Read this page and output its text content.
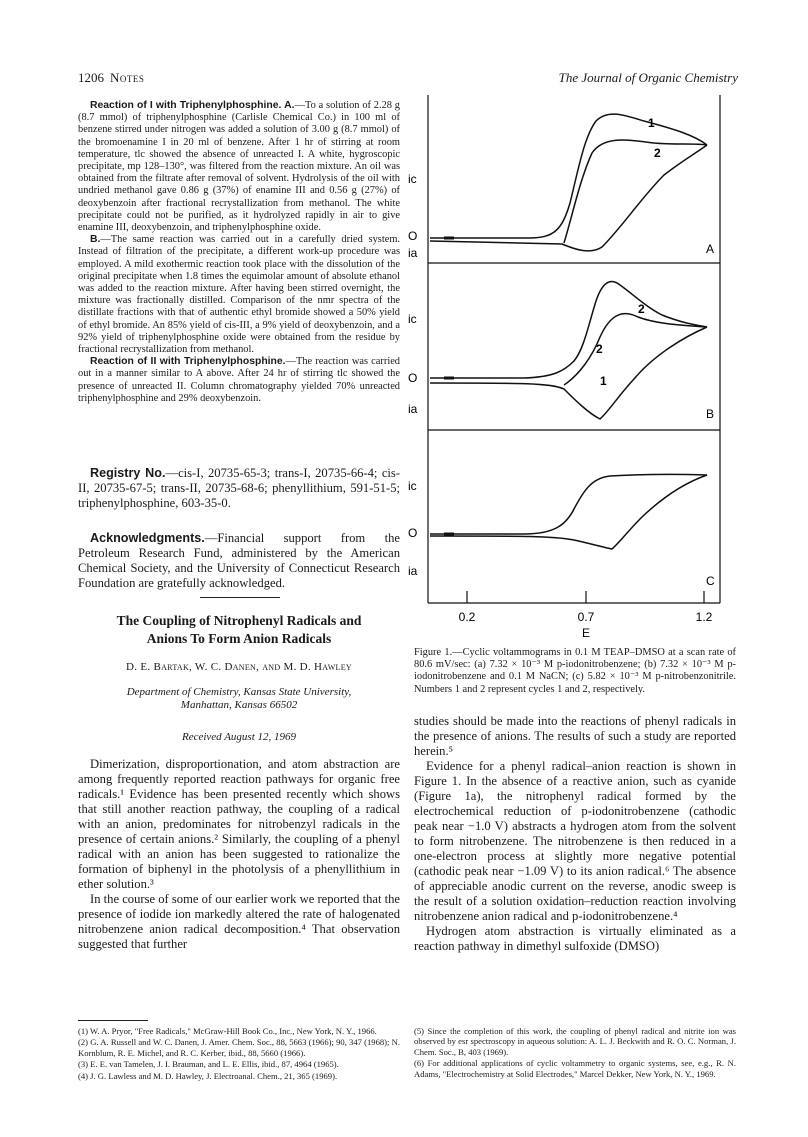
1206 Notes	The Journal of Organic Chemistry

Reaction of I with Triphenylphosphine. A.—To a solution of 2.28 g (8.7 mmol) of triphenylphosphine (Carlisle Chemical Co.) in 100 ml of benzene stirred under nitrogen was added a solution of 3.00 g (8.7 mmol) of the bromoenamine I in 20 ml of benzene. After 1 hr of stirring at room temperature, tlc showed the absence of unreacted I. A white, hygroscopic precipitate, mp 128–130°, was filtered from the reaction mixture. An oil was obtained from the filtrate after removal of solvent. Hydrolysis of the oil with undried methanol gave 0.86 g (37%) of enamine III and 0.56 g (27%) of deoxybenzoin after fractional recrystallization from methanol. The white precipitate could not be purified, as it hydrolyzed rapidly in air to give enamine III, deoxybenzoin, and triphenylphosphine oxide.

B.—The same reaction was carried out in a carefully dried system. Instead of filtration of the precipitate, a different work-up procedure was employed. A mild exothermic reaction took place with the dissolution of the original precipitate when 1.8 times the equimolar amount of absolute ethanol was added to the reaction mixture. After having been stirred overnight, the mixture was fractionally distilled. Comparison of the nmr spectra of the distillate fractions with that of authentic ethyl bromide showed a 50% yield of ethyl bromide. An 85% yield of cis-III, a 9% yield of deoxybenzoin, and a 92% yield of triphenylphosphine oxide were obtained from the residue by fractional recrystallization from methanol.

Reaction of II with Triphenylphosphine.—The reaction was carried out in a manner similar to A above. After 24 hr of stirring tlc showed the presence of unreacted II. Column chromatography yielded 70% unreacted triphenylphosphine and 29% deoxybenzoin.

Registry No.—cis-I, 20735-65-3; trans-I, 20735-66-4; cis-II, 20735-67-5; trans-II, 20735-68-6; phenyllithium, 591-51-5; triphenylphosphine, 603-35-0.

Acknowledgments.—Financial support from the Petroleum Research Fund, administered by the American Chemical Society, and the University of Connecticut Research Foundation are gratefully acknowledged.

The Coupling of Nitrophenyl Radicals and
Anions To Form Anion Radicals
D. E. Bartak, W. C. Danen, and M. D. Hawley
Department of Chemistry, Kansas State University,
Manhattan, Kansas 66502
Received August 12, 1969

Dimerization, disproportionation, and atom abstraction are among frequently reported reaction pathways for organic free radicals.¹ Evidence has been presented recently which shows that still another reaction pathway, the coupling of a radical with an anion, predominates for nitrobenzyl radicals in the presence of certain anions.² Similarly, the coupling of a phenyl radical with an anion has been suggested to rationalize the formation of biphenyl in the photolysis of a phenyllithium in ether solution.³

In the course of some of our earlier work we reported that the presence of iodide ion markedly altered the rate of halogenated nitrobenzene anion radical decomposition.⁴ That observation suggested that further

(1) W. A. Pryor, "Free Radicals," McGraw-Hill Book Co., Inc., New York, N. Y., 1966.

(2) G. A. Russell and W. C. Danen, J. Amer. Chem. Soc., 88, 5663 (1966); 90, 347 (1968); N. Kornblum, R. E. Michel, and R. C. Kerber, ibid., 88, 5660 (1966).

(3) E. E. van Tamelen, J. I. Brauman, and L. E. Ellis, ibid., 87, 4964 (1965).

(4) J. G. Lawless and M. D. Hawley, J. Electroanal. Chem., 21, 365 (1969).

1
2
A
2
2
1
B
C
ic
O
ia
ic
O
ia
ic
O
ia
0.2	0.7	1.2
E
Figure 1.—Cyclic voltammograms in 0.1 M TEAP–DMSO at a scan rate of 80.6 mV/sec: (a) 7.32 × 10⁻³ M p-iodonitrobenzene; (b) 7.32 × 10⁻³ M p-iodonitrobenzene and 0.1 M NaCN; (c) 5.82 × 10⁻³ M p-nitrobenzonitrile. Numbers 1 and 2 represent cycles 1 and 2, respectively.

studies should be made into the reactions of phenyl radicals in the presence of anions. The results of such a study are reported herein.⁵

Evidence for a phenyl radical–anion reaction is shown in Figure 1. In the absence of a reactive anion, such as cyanide (Figure 1a), the nitrophenyl radical formed by the electrochemical reduction of p-iodonitrobenzene (cathodic peak near −1.0 V) abstracts a hydrogen atom from the solvent to form nitrobenzene. The nitrobenzene is then reduced in a one-electron process at slightly more negative potential (cathodic peak near −1.09 V) to its anion radical.⁶ The absence of appreciable anodic current on the reverse, anodic sweep is the result of a solution oxidation–reduction reaction involving nitrobenzene anion radical and p-iodonitrobenzene.⁴

Hydrogen atom abstraction is virtually eliminated as a reaction pathway in dimethyl sulfoxide (DMSO)

(5) Since the completion of this work, the coupling of phenyl radical and nitrite ion was observed by esr spectroscopy in aqueous solution: A. L. J. Beckwith and R. O. C. Norman, J. Chem. Soc., B, 403 (1969).

(6) For additional applications of cyclic voltammetry to organic systems, see, e.g., R. N. Adams, "Electrochemistry at Solid Electrodes," Marcel Dekker, New York, N. Y., 1969.
